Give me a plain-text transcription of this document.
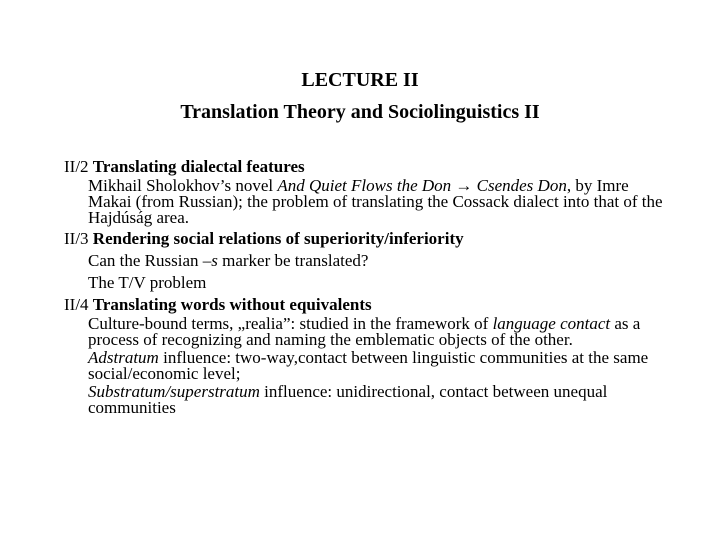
LECTURE II
Translation Theory and Sociolinguistics II
II/2 Translating dialectal features
Mikhail Sholokhov’s novel And Quiet Flows the Don → Csendes Don, by Imre Makai (from Russian); the problem of translating the Cossack dialect into that of the Hajdúság area.
II/3 Rendering social relations of superiority/inferiority
Can the Russian –s marker be translated?
The T/V problem
II/4 Translating words without equivalents
Culture-bound terms, „realia”: studied in the framework of language contact as a process of recognizing and naming the emblematic objects of the other.
Adstratum influence: two-way,contact between linguistic communities at the same social/economic level;
Substratum/superstratum influence: unidirectional, contact between unequal communities
